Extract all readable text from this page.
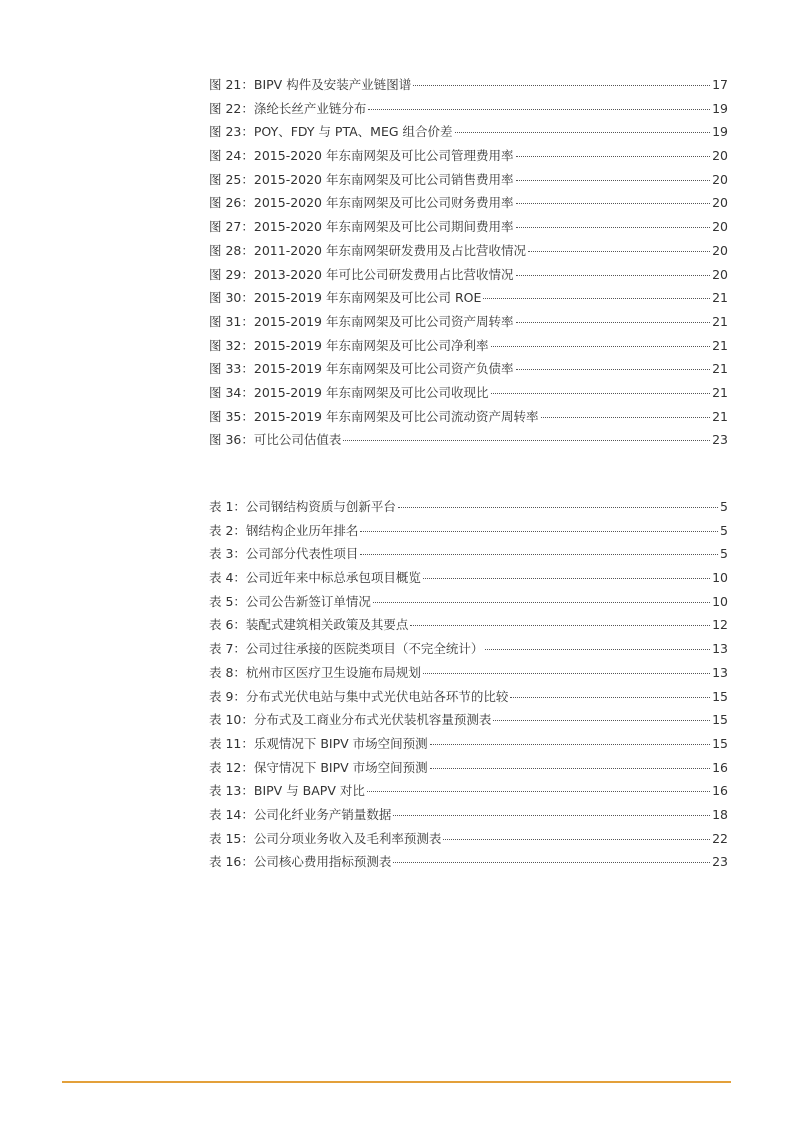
图 21：BIPV 构件及安装产业链图谱	17
图 22：涤纶长丝产业链分布	19
图 23：POY、FDY 与 PTA、MEG 组合价差	19
图 24：2015-2020 年东南网架及可比公司管理费用率	20
图 25：2015-2020 年东南网架及可比公司销售费用率	20
图 26：2015-2020 年东南网架及可比公司财务费用率	20
图 27：2015-2020 年东南网架及可比公司期间费用率	20
图 28：2011-2020 年东南网架研发费用及占比营收情况	20
图 29：2013-2020 年可比公司研发费用占比营收情况	20
图 30：2015-2019 年东南网架及可比公司 ROE	21
图 31：2015-2019 年东南网架及可比公司资产周转率	21
图 32：2015-2019 年东南网架及可比公司净利率	21
图 33：2015-2019 年东南网架及可比公司资产负债率	21
图 34：2015-2019 年东南网架及可比公司收现比	21
图 35：2015-2019 年东南网架及可比公司流动资产周转率	21
图 36：可比公司估值表	23
表 1：公司钢结构资质与创新平台	5
表 2：钢结构企业历年排名	5
表 3：公司部分代表性项目	5
表 4：公司近年来中标总承包项目概览	10
表 5：公司公告新签订单情况	10
表 6：装配式建筑相关政策及其要点	12
表 7：公司过往承接的医院类项目（不完全统计）	13
表 8：杭州市区医疗卫生设施布局规划	13
表 9：分布式光伏电站与集中式光伏电站各环节的比较	15
表 10：分布式及工商业分布式光伏装机容量预测表	15
表 11：乐观情况下 BIPV 市场空间预测	15
表 12：保守情况下 BIPV 市场空间预测	16
表 13：BIPV 与 BAPV 对比	16
表 14：公司化纤业务产销量数据	18
表 15：公司分项业务收入及毛利率预测表	22
表 16：公司核心费用指标预测表	23
